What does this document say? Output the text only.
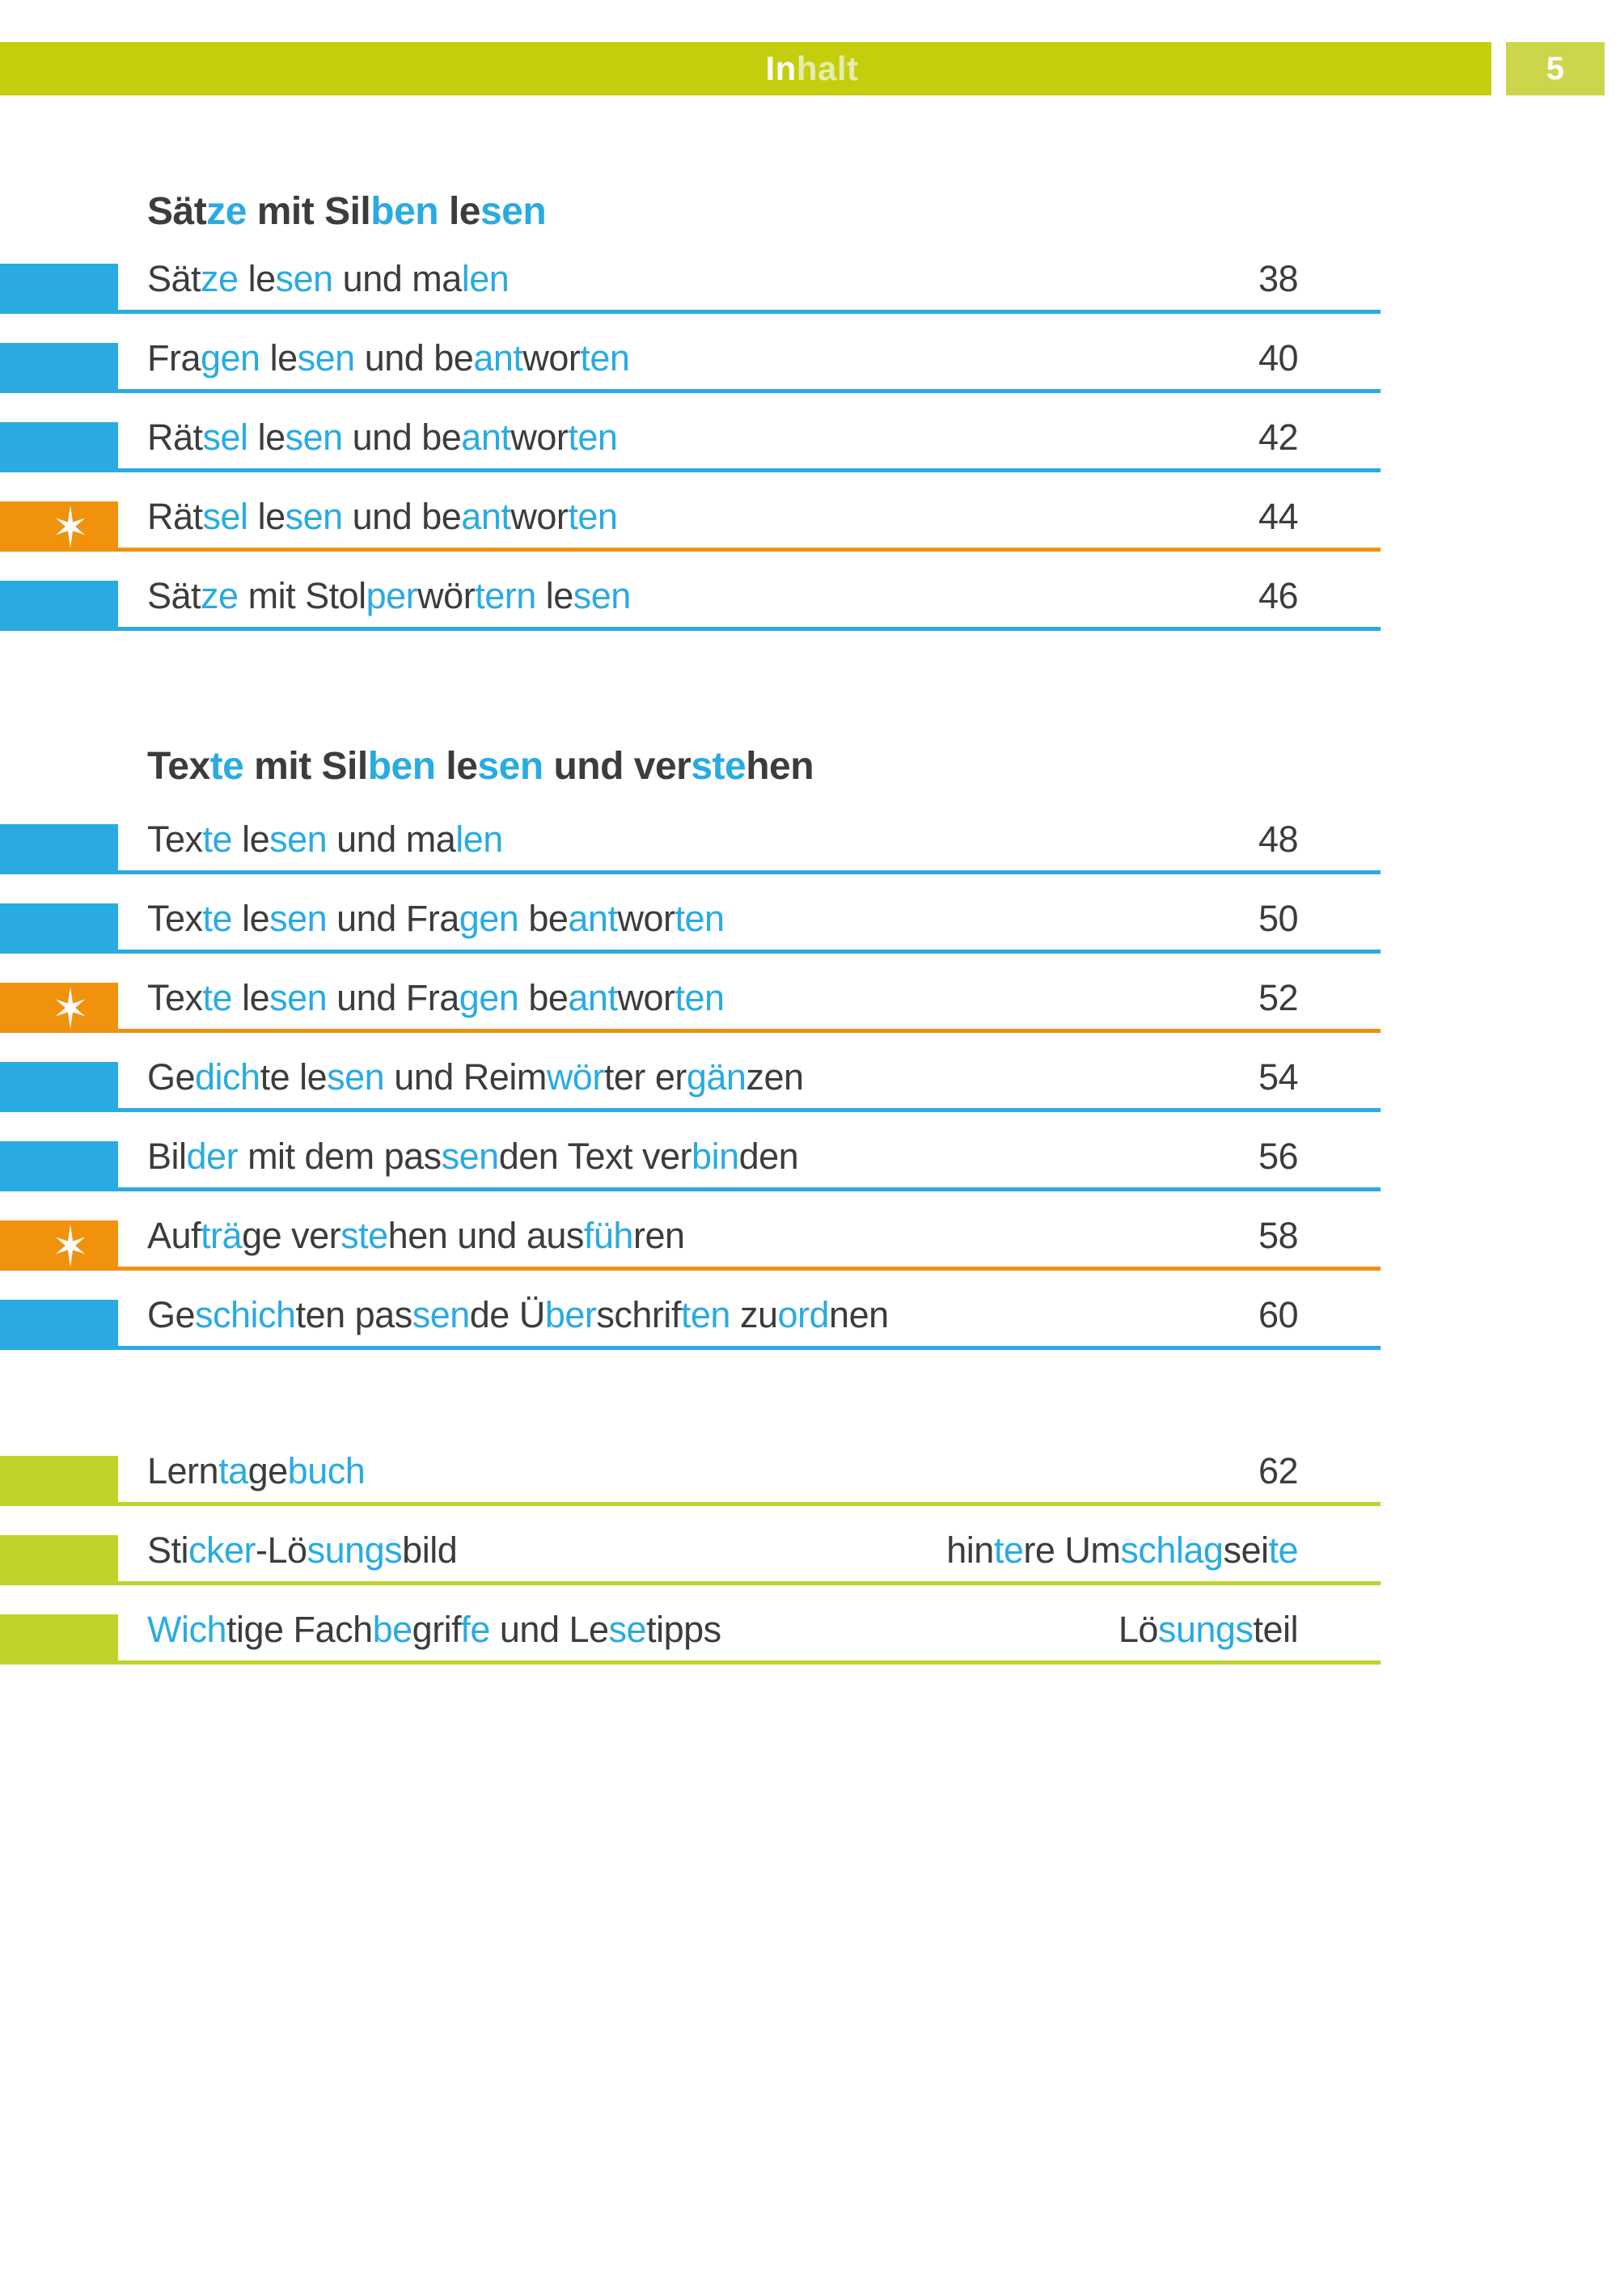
In halt	5
Sätze mit Silben lesen
Sätze lesen und malen	38
Fragen lesen und beantworten	40
Rätsel lesen und beantworten	42
Rätsel lesen und beantworten	44
Sätze mit Stolperwörtern lesen	46
Texte mit Silben lesen und verstehen
Texte lesen und malen	48
Texte lesen und Fragen beantworten	50
Texte lesen und Fragen beantworten	52
Gedichte lesen und Reimwörter ergänzen	54
Bilder mit dem passenden Text verbinden	56
Aufträge verstehen und ausführen	58
Geschichten passende Überschriften zuordnen	60
Lerntagebuch	62
Sticker-Lösungsbild	hintere Umschlagseite
Wichtige Fachbegriffe und Lesetipps	Lösungsteil
